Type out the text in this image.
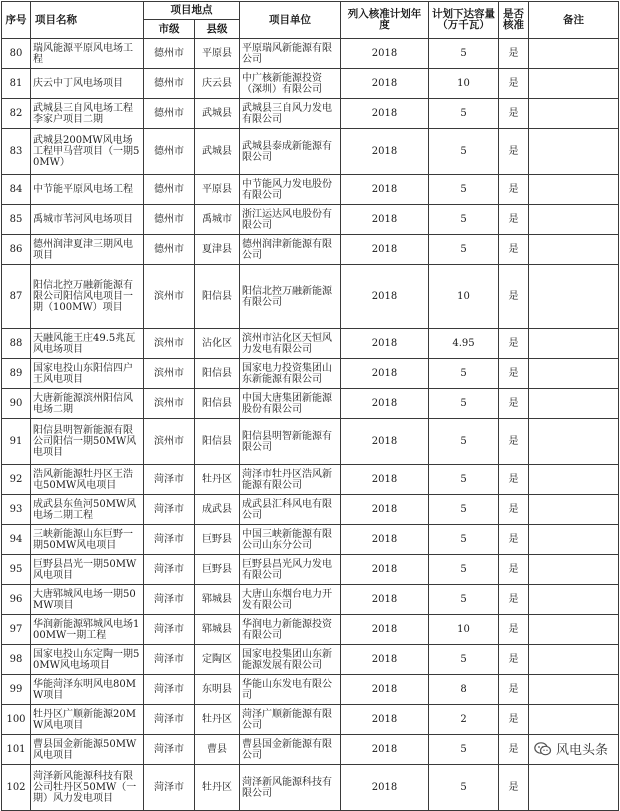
序号	项目名称	项目地点		项目单位	列入核准计划年度	计划下达容量（万千瓦）	是否核准	备注
		市级	县级					
80	瑞风能源平原风电场工程	德州市	平原县	平原瑞风新能源有限公司	2018	5	是	
81	庆云中丁风电场项目	德州市	庆云县	中广核新能源投资（深圳）有限公司	2018	10	是	
82	武城县三自风电场工程李家户项目二期	德州市	武城县	武城县三自风力发电有限公司	2018	5	是	
83	武城县200MW风电场工程甲马营项目（一期50MW）	德州市	武城县	武城县泰成新能源有限公司	2018	5	是	
84	中节能平原风电场工程	德州市	平原县	中节能风力发电股份有限公司	2018	5	是	
85	禹城市苇河风电场项目	德州市	禹城市	浙江运达风电股份有限公司	2018	5	是	
86	德州润津夏津三期风电项目	德州市	夏津县	德州润津新能源有限公司	2018	5	是	
87	阳信北控万融新能源有限公司阳信风电项目一期（100MW）项目	滨州市	阳信县	阳信北控万融新能源有限公司	2018	10	是	
88	天融风能王庄49.5兆瓦风电场项目	滨州市	沾化区	滨州市沾化区天恒风力发电有限公司	2018	4.95	是	
89	国家电投山东阳信四户王风电项目	滨州市	阳信县	国家电力投资集团山东新能源有限公司	2018	5	是	
90	大唐新能源滨州阳信风电场二期	滨州市	阳信县	中国大唐集团新能源股份有限公司	2018	5	是	
91	阳信县明智新能源有限公司阳信一期50MW风电项目	滨州市	阳信县	阳信县明智新能源有限公司	2018	5	是	
92	浩风新能源牡丹区王浩屯50MW风电项目	菏泽市	牡丹区	菏泽市牡丹区浩风新能源有限公司	2018	5	是	
93	成武县东鱼河50MW风电场二期工程	菏泽市	成武县	成武县汇科风电有限公司	2018	5	是	
94	三峡新能源山东巨野一期50MW风电项目	菏泽市	巨野县	中国三峡新能源有限公司山东分公司	2018	5	是	
95	巨野县昌光一期50MW风电项目	菏泽市	巨野县	巨野县昌光风力发电有限公司	2018	5	是	
96	大唐郓城风电场一期50MW项目	菏泽市	郓城县	大唐山东烟台电力开发有限公司	2018	5	是	
97	华润新能源郓城风电场100MW一期工程	菏泽市	郓城县	华润电力新能源投资有限公司	2018	10	是	
98	国家电投山东定陶一期50MW风电场项目	菏泽市	定陶区	国家电投集团山东新能源发展有限公司	2018	5	是	
99	华能菏泽东明风电80MW项目	菏泽市	东明县	华能山东发电有限公司	2018	8	是	
100	牡丹区广顺新能源20MW风电项目	菏泽市	牡丹区	菏泽广顺新能源有限公司	2018	2	是	
101	曹县国金新能源50MW风电项目	菏泽市	曹县	曹县国金新能源有限公司	2018	5	是	
102	菏泽新风能源科技有限公司牡丹区50MW（一期）风力发电项目	菏泽市	牡丹区	菏泽新风能源科技有限公司	2018	5	是	
风电头条
